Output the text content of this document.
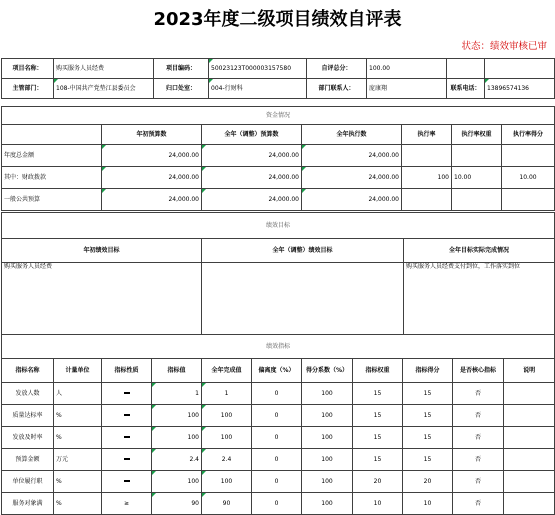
2023年度二级项目绩效自评表
状态：绩效审核已审
项目名称：	购买服务人员经费	项目编码：	50023123T000003157580	自评总分：	100.00		
主管部门：	108-中国共产党垫江县委员会	归口处室：	004-行财科	部门联系人：	庞康翔	联系电话：	13896574136
资金情况						
	年初预算数	全年（调整）预算数	全年执行数	执行率	执行率权重	执行率得分
年度总金额	24,000.00	24,000.00	24,000.00			
其中：财政拨款	24,000.00	24,000.00	24,000.00	100	10.00	10.00
一般公共预算	24,000.00	24,000.00	24,000.00			
绩效目标		
年初绩效目标	全年（调整）绩效目标	全年目标实际完成情况
购买服务人员经费		购买服务人员经费支付到位，工作落实到位
绩效指标										
指标名称	计量单位	指标性质	指标值	全年完成值	偏离度（%）	得分系数（%）	指标权重	指标得分	是否核心指标	说明
发放人数	人		1	1	0	100	15	15	否	
质量达标率	%		100	100	0	100	15	15	否	
发放及时率	%		100	100	0	100	15	15	否	
预算金额	万元		2.4	2.4	0	100	15	15	否	
单位履行职	%		100	100	0	100	20	20	否	
服务对象满	%	≥	90	90	0	100	10	10	否	
